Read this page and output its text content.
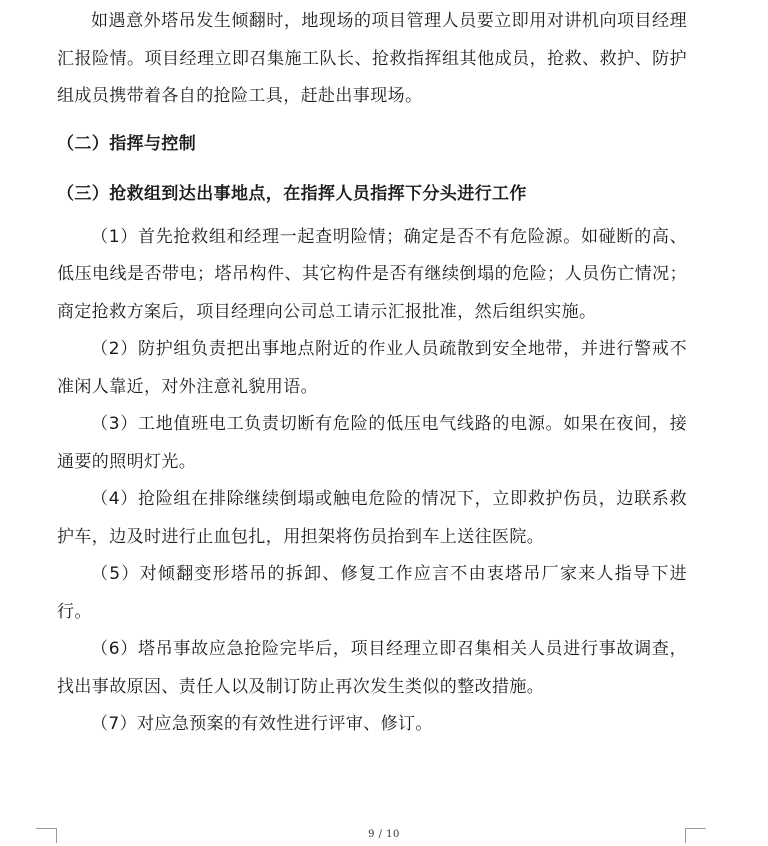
如遇意外塔吊发生倾翻时，地现场的项目管理人员要立即用对讲机向项目经理汇报险情。项目经理立即召集施工队长、抢救指挥组其他成员，抢救、救护、防护组成员携带着各自的抢险工具，赶赴出事现场。

（二）指挥与控制

（三）抢救组到达出事地点，在指挥人员指挥下分头进行工作

（1）首先抢救组和经理一起查明险情；确定是否不有危险源。如碰断的高、低压电线是否带电；塔吊构件、其它构件是否有继续倒塌的危险；人员伤亡情况；商定抢救方案后，项目经理向公司总工请示汇报批准，然后组织实施。

（2）防护组负责把出事地点附近的作业人员疏散到安全地带，并进行警戒不准闲人靠近，对外注意礼貌用语。

（3）工地值班电工负责切断有危险的低压电气线路的电源。如果在夜间，接通要的照明灯光。

（4）抢险组在排除继续倒塌或触电危险的情况下，立即救护伤员，边联系救护车，边及时进行止血包扎，用担架将伤员抬到车上送往医院。

（5）对倾翻变形塔吊的拆卸、修复工作应言不由衷塔吊厂家来人指导下进行。

（6）塔吊事故应急抢险完毕后，项目经理立即召集相关人员进行事故调查，找出事故原因、责任人以及制订防止再次发生类似的整改措施。

（7）对应急预案的有效性进行评审、修订。

9 / 10
